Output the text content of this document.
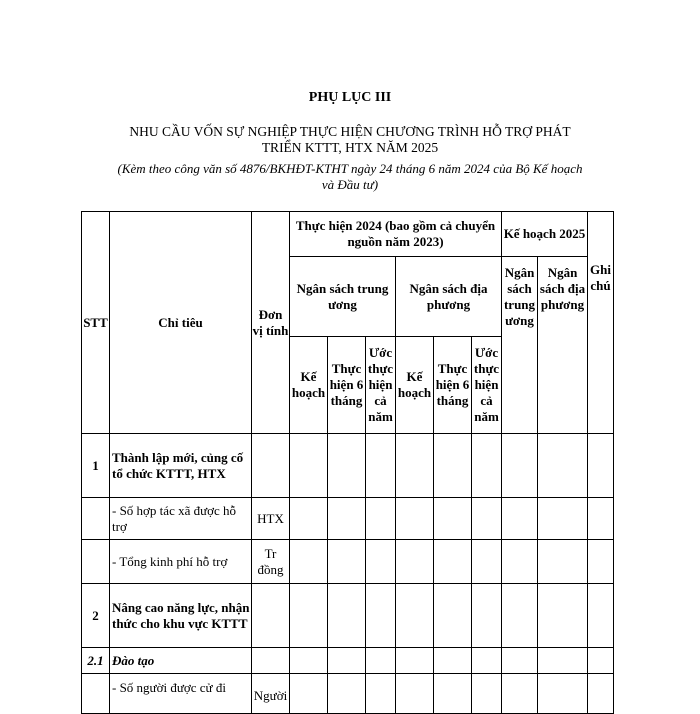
PHỤ LỤC III
NHU CẦU VỐN SỰ NGHIỆP THỰC HIỆN CHƯƠNG TRÌNH HỖ TRỢ PHÁT
TRIỂN KTTT, HTX NĂM 2025
(Kèm theo công văn số 4876/BKHĐT-KTHT ngày 24 tháng 6 năm 2024 của Bộ Kế hoạch
và Đầu tư)
STT	Chỉ tiêu	Đơn vị tính	Thực hiện 2024 (bao gồm cả chuyển nguồn năm 2023)						Kế hoạch 2025		Ghi chú
			Ngân sách trung ương			Ngân sách địa phương			Ngân sách trung ương	Ngân sách địa phương	
			Kế hoạch	Thực hiện 6 tháng	Ước thực hiện cả năm	Kế hoạch	Thực hiện 6 tháng	Ước thực hiện cả năm			
1	Thành lập mới, củng cố tổ chức KTTT, HTX										
	- Số hợp tác xã được hỗ trợ	HTX									
	- Tổng kinh phí hỗ trợ	Tr đồng									
2	Nâng cao năng lực, nhận thức cho khu vực KTTT										
2.1	Đào tạo										
	- Số người được cử đi	Người									
